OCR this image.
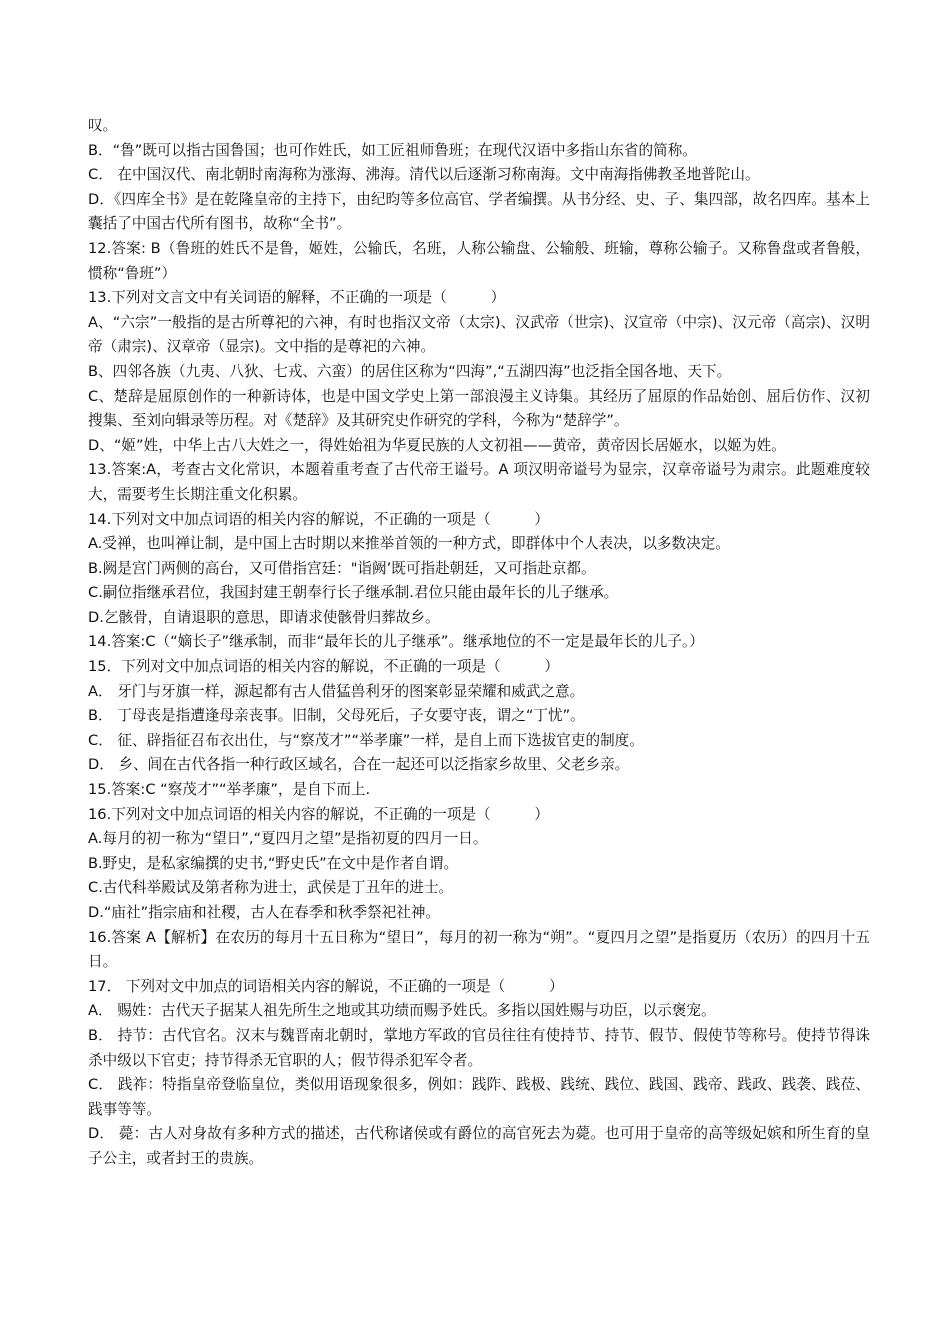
叹。

B．“鲁”既可以指古国鲁国；也可作姓氏，如工匠祖师鲁班；在现代汉语中多指山东省的简称。

C． 在中国汉代、南北朝时南海称为涨海、沸海。清代以后逐渐习称南海。文中南海指佛教圣地普陀山。

D．《四库全书》是在乾隆皇帝的主持下，由纪昀等多位高官、学者编撰。从书分经、史、子、集四部，故名四库。基本上囊括了中国古代所有图书，故称“全书”。

12.答案: B（鲁班的姓氏不是鲁，姬姓，公输氏，名班，人称公输盘、公输般、班输，尊称公输子。又称鲁盘或者鲁般，惯称“鲁班”）

13.下列对文言文中有关词语的解释，不正确的一项是（　　　）

A、“六宗”一般指的是古所尊祀的六神，有时也指汉文帝（太宗)、汉武帝（世宗)、汉宣帝（中宗)、汉元帝（高宗)、汉明帝（肃宗)、汉章帝（显宗)。文中指的是尊祀的六神。

B、四邻各族（九夷、八狄、七戎、六蛮）的居住区称为“四海”,“五湖四海”也泛指全国各地、天下。

C、楚辞是屈原创作的一种新诗体，也是中国文学史上第一部浪漫主义诗集。其经历了屈原的作品始创、屈后仿作、汉初搜集、至刘向辑录等历程。对《楚辞》及其研究史作研究的学科，今称为“楚辞学”。

D、“姬”姓，中华上古八大姓之一，得姓始祖为华夏民族的人文初祖——黄帝，黄帝因长居姬水，以姬为姓。

13.答案:A，考查古文化常识，本题着重考查了古代帝王谥号。A 项汉明帝谥号为显宗，汉章帝谥号为肃宗。此题难度较大，需要考生长期注重文化积累。

14.下列对文中加点词语的相关内容的解说，不正确的一项是（　　　）

A.受禅，也叫禅让制，是中国上古时期以来推举首领的一种方式，即群体中个人表决，以多数决定。

B.阙是宫门两侧的高台，又可借指宫廷："诣阙’既可指赴朝廷，又可指赴京都。

C.嗣位指继承君位，我国封建王朝奉行长子继承制.君位只能由最年长的儿子继承。

D.乞骸骨，自请退职的意思，即请求使骸骨归葬故乡。

14.答案:C（“嫡长子”继承制，而非“最年长的儿子继承”。继承地位的不一定是最年长的儿子。）

15．下列对文中加点词语的相关内容的解说，不正确的一项是（　　　）

A． 牙门与牙旗一样，源起都有古人借猛兽利牙的图案彰显荣耀和威武之意。

B． 丁母丧是指遭逢母亲丧事。旧制，父母死后，子女要守丧，谓之“丁忧”。

C． 征、辟指征召布衣出仕，与“察茂才”“举孝廉”一样，是自上而下选拔官吏的制度。

D． 乡、闾在古代各指一种行政区域名，合在一起还可以泛指家乡故里、父老乡亲。

15.答案:C “察茂才”“举孝廉”，是自下而上.

16.下列对文中加点词语的相关内容的解说，不正确的一项是（　　　）

A.每月的初一称为“望日”,“夏四月之望”是指初夏的四月一日。

B.野史，是私家编撰的史书,“野史氏”在文中是作者自谓。

C.古代科举殿试及第者称为进士，武侯是丁丑年的进士。

D.“庙社”指宗庙和社稷，古人在春季和秋季祭祀社神。

16.答案 A【解析】在农历的每月十五日称为“望日”，每月的初一称为“朔”。“夏四月之望”是指夏历（农历）的四月十五日。

17． 下列对文中加点的词语相关内容的解说，不正确的一项是（　　　）

A． 赐姓：古代天子据某人祖先所生之地或其功绩而赐予姓氏。多指以国姓赐与功臣，以示褒宠。

B． 持节：古代官名。汉末与魏晋南北朝时，掌地方军政的官员往往有使持节、持节、假节、假使节等称号。使持节得诛杀中级以下官吏；持节得杀无官职的人；假节得杀犯军令者。

C． 践祚：特指皇帝登临皇位，类似用语现象很多，例如：践阼、践极、践统、践位、践国、践帝、践政、践袭、践莅、践事等等。

D． 薨：古人对身故有多种方式的描述，古代称诸侯或有爵位的高官死去为薨。也可用于皇帝的高等级妃嫔和所生育的皇子公主，或者封王的贵族。
